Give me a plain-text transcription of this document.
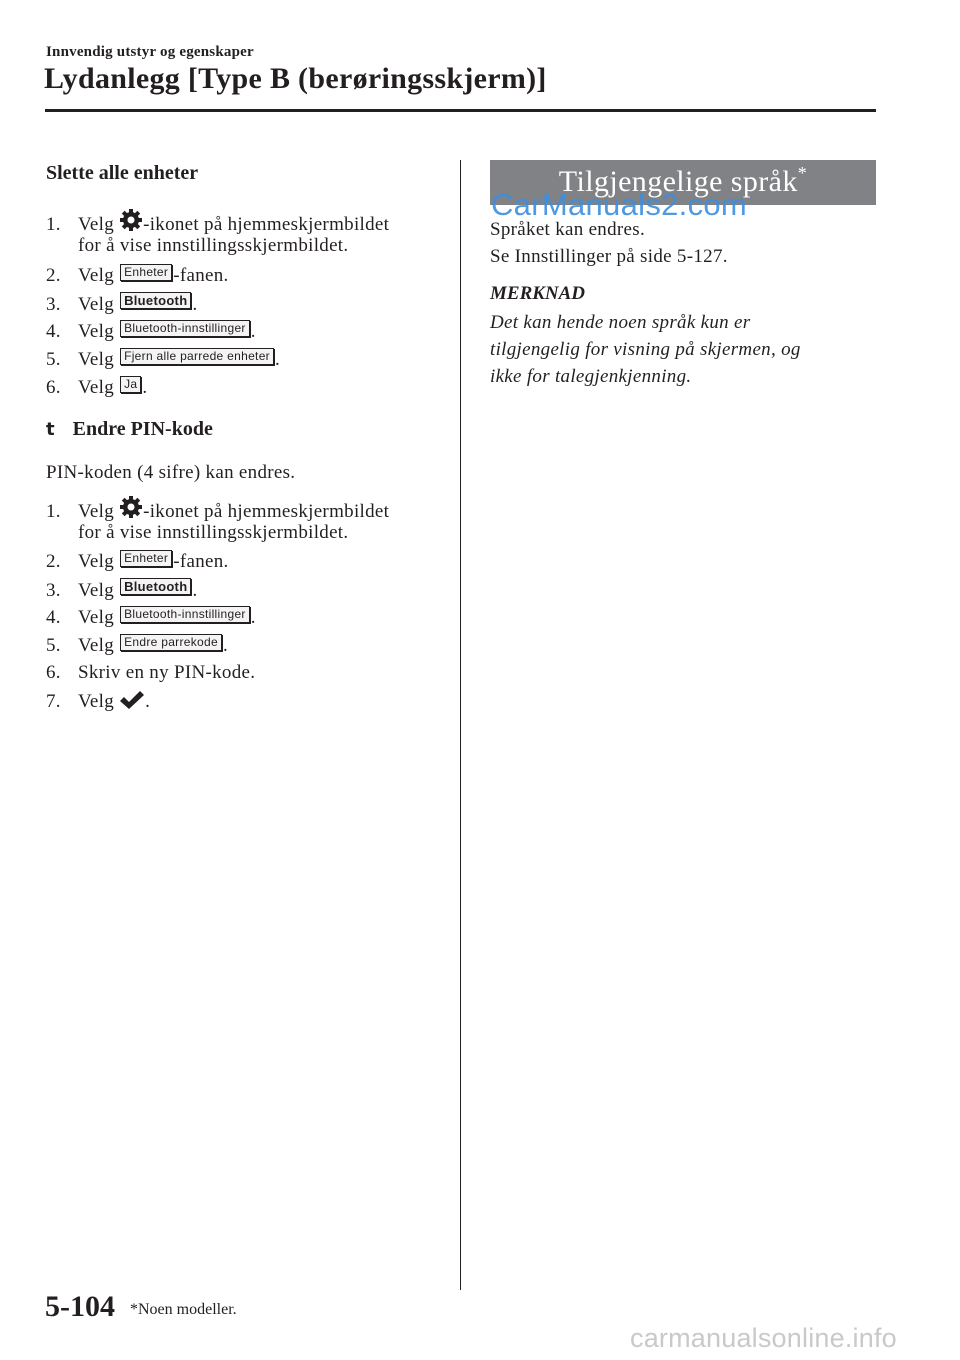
Innvendig utstyr og egenskaper
Lydanlegg [Type B (berøringsskjerm)]
Slette alle enheter
1. Velg -ikonet på hjemmeskjermbildet
for å vise innstillingsskjermbildet.
2. Velg Enheter -fanen.
3. Velg Bluetooth .
4. Velg Bluetooth-innstillinger .
5. Velg Fjern alle parrede enheter .
6. Velg Ja .
t Endre PIN-kode
PIN-koden (4 sifre) kan endres.
1. Velg -ikonet på hjemmeskjermbildet
for å vise innstillingsskjermbildet.
2. Velg Enheter -fanen.
3. Velg Bluetooth .
4. Velg Bluetooth-innstillinger .
5. Velg Endre parrekode .
6. Skriv en ny PIN-kode.
7. Velg .
Tilgjengelige språk*
CarManuals2.com
Språket kan endres.
Se Innstillinger på side 5-127.
MERKNAD
Det kan hende noen språk kun er
tilgjengelig for visning på skjermen, og
ikke for talegjenkjenning.
5-104 *Noen modeller.
carmanualsonline.info
